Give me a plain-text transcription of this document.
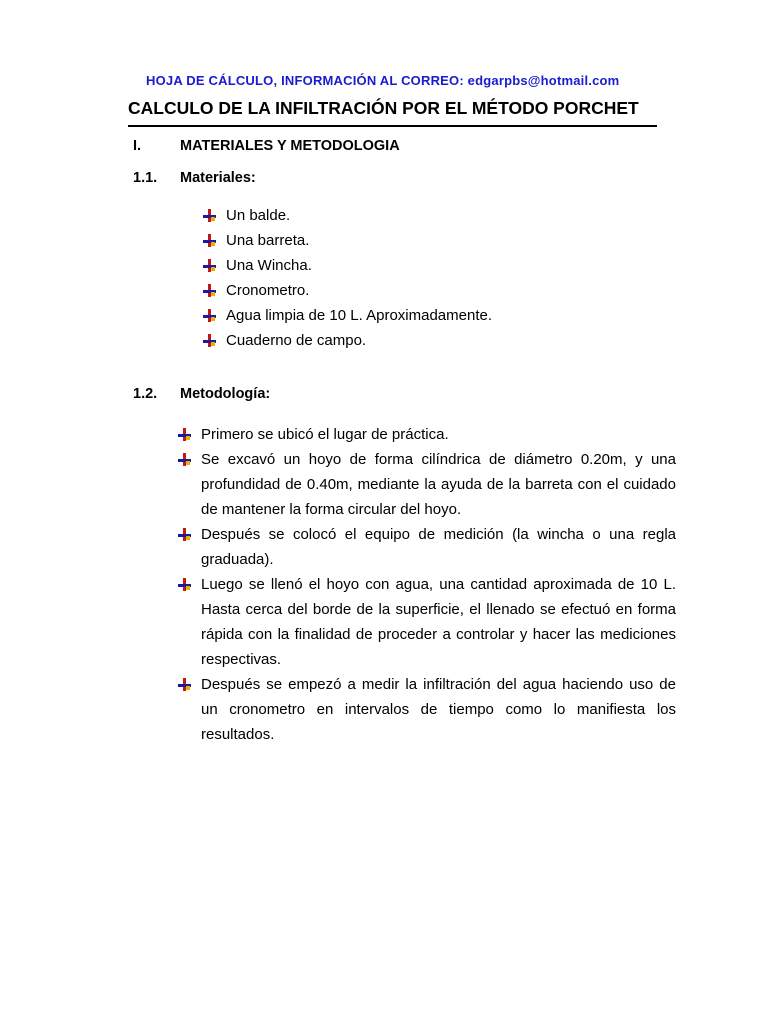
HOJA DE CÁLCULO, INFORMACIÓN AL CORREO: edgarpbs@hotmail.com
CALCULO DE LA INFILTRACIÓN POR EL MÉTODO PORCHET
I.	MATERIALES Y METODOLOGIA
1.1. Materiales:
Un balde.
Una barreta.
Una Wincha.
Cronometro.
Agua limpia de 10 L. Aproximadamente.
Cuaderno de campo.
1.2. Metodología:
Primero se ubicó el lugar de práctica.
Se excavó un hoyo de forma cilíndrica de diámetro 0.20m, y una profundidad de 0.40m, mediante la ayuda de la barreta con el cuidado de mantener la forma circular del hoyo.
Después se colocó el equipo de medición (la wincha o una regla graduada).
Luego se llenó el hoyo con agua, una cantidad aproximada de 10 L. Hasta cerca del borde de la superficie, el llenado se efectuó en forma rápida con la finalidad de proceder a controlar y hacer las mediciones respectivas.
Después se empezó a medir la infiltración del agua haciendo uso de un cronometro en intervalos de tiempo como lo manifiesta los resultados.
